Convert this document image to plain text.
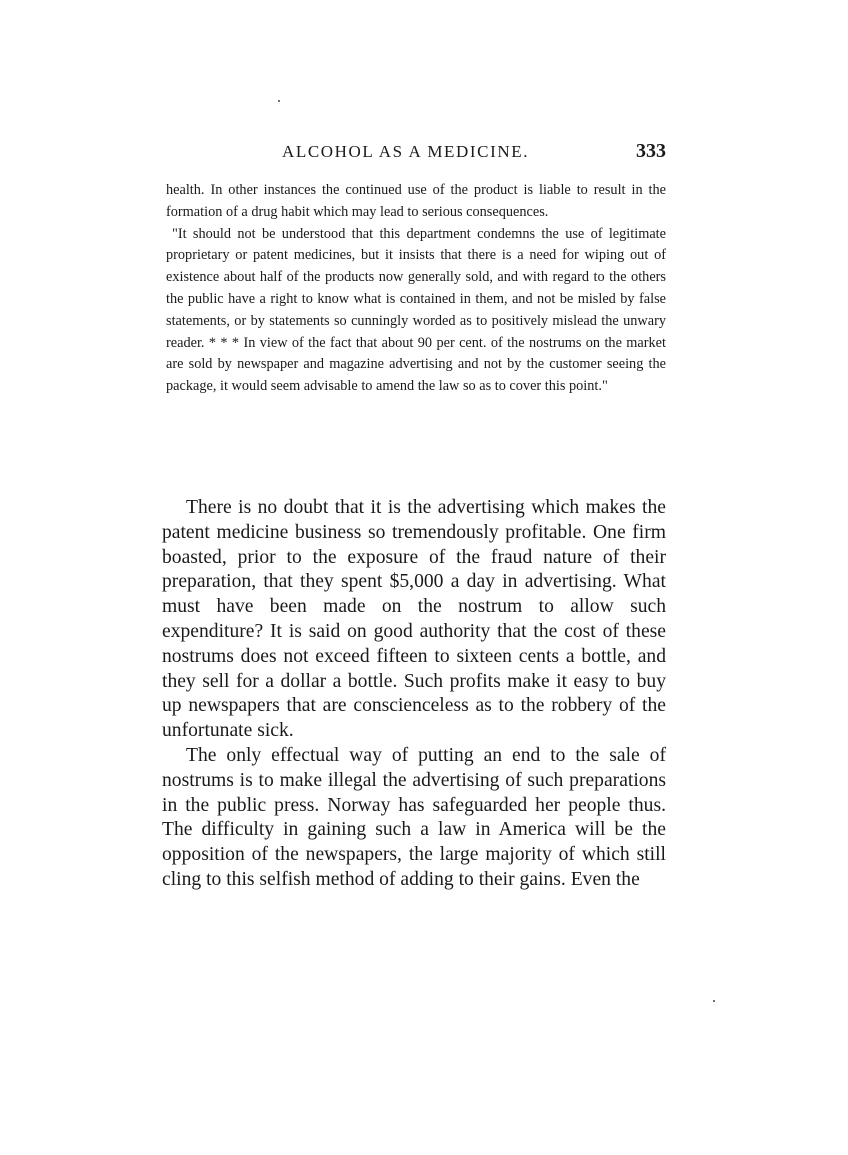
ALCOHOL AS A MEDICINE.	333

health. In other instances the continued use of the product is liable to result in the formation of a drug habit which may lead to serious consequences.

"It should not be understood that this department condemns the use of legitimate proprietary or patent medicines, but it insists that there is a need for wiping out of existence about half of the products now generally sold, and with regard to the others the public have a right to know what is contained in them, and not be misled by false statements, or by statements so cunningly worded as to positively mislead the unwary reader. * * * In view of the fact that about 90 per cent. of the nostrums on the market are sold by newspaper and magazine advertising and not by the customer seeing the package, it would seem advisable to amend the law so as to cover this point."

There is no doubt that it is the advertising which makes the patent medicine business so tremendously profitable. One firm boasted, prior to the exposure of the fraud nature of their preparation, that they spent $5,000 a day in advertising. What must have been made on the nostrum to allow such expenditure? It is said on good authority that the cost of these nostrums does not exceed fifteen to sixteen cents a bottle, and they sell for a dollar a bottle. Such profits make it easy to buy up newspapers that are conscienceless as to the robbery of the unfortunate sick.

The only effectual way of putting an end to the sale of nostrums is to make illegal the advertising of such preparations in the public press. Norway has safeguarded her people thus. The difficulty in gaining such a law in America will be the opposition of the newspapers, the large majority of which still cling to this selfish method of adding to their gains. Even the
